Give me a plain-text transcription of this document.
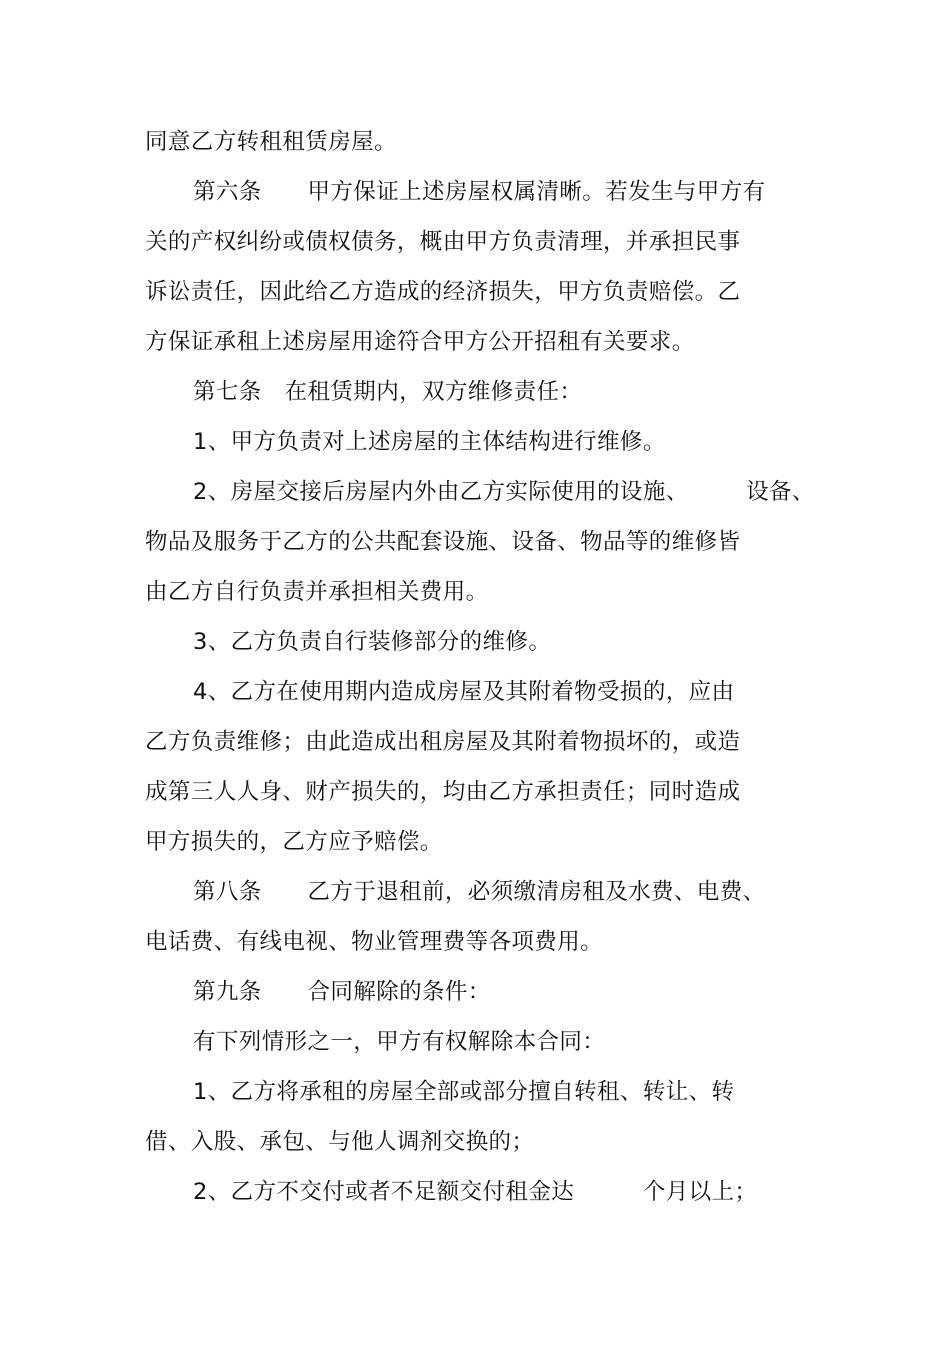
同意乙方转租租赁房屋。

第六条　　甲方保证上述房屋权属清晰。若发生与甲方有

关的产权纠纷或债权债务，概由甲方负责清理，并承担民事

诉讼责任，因此给乙方造成的经济损失，甲方负责赔偿。乙

方保证承租上述房屋用途符合甲方公开招租有关要求。

第七条　在租赁期内，双方维修责任：

1、甲方负责对上述房屋的主体结构进行维修。

2、房屋交接后房屋内外由乙方实际使用的设施、　　　设备、

物品及服务于乙方的公共配套设施、设备、物品等的维修皆

由乙方自行负责并承担相关费用。

3、乙方负责自行装修部分的维修。

4、乙方在使用期内造成房屋及其附着物受损的，应由

乙方负责维修；由此造成出租房屋及其附着物损坏的，或造

成第三人人身、财产损失的，均由乙方承担责任；同时造成

甲方损失的，乙方应予赔偿。

第八条　　乙方于退租前，必须缴清房租及水费、电费、

电话费、有线电视、物业管理费等各项费用。

第九条　　合同解除的条件：

有下列情形之一，甲方有权解除本合同：

1、乙方将承租的房屋全部或部分擅自转租、转让、转

借、入股、承包、与他人调剂交换的；

2、乙方不交付或者不足额交付租金达　　　个月以上；
